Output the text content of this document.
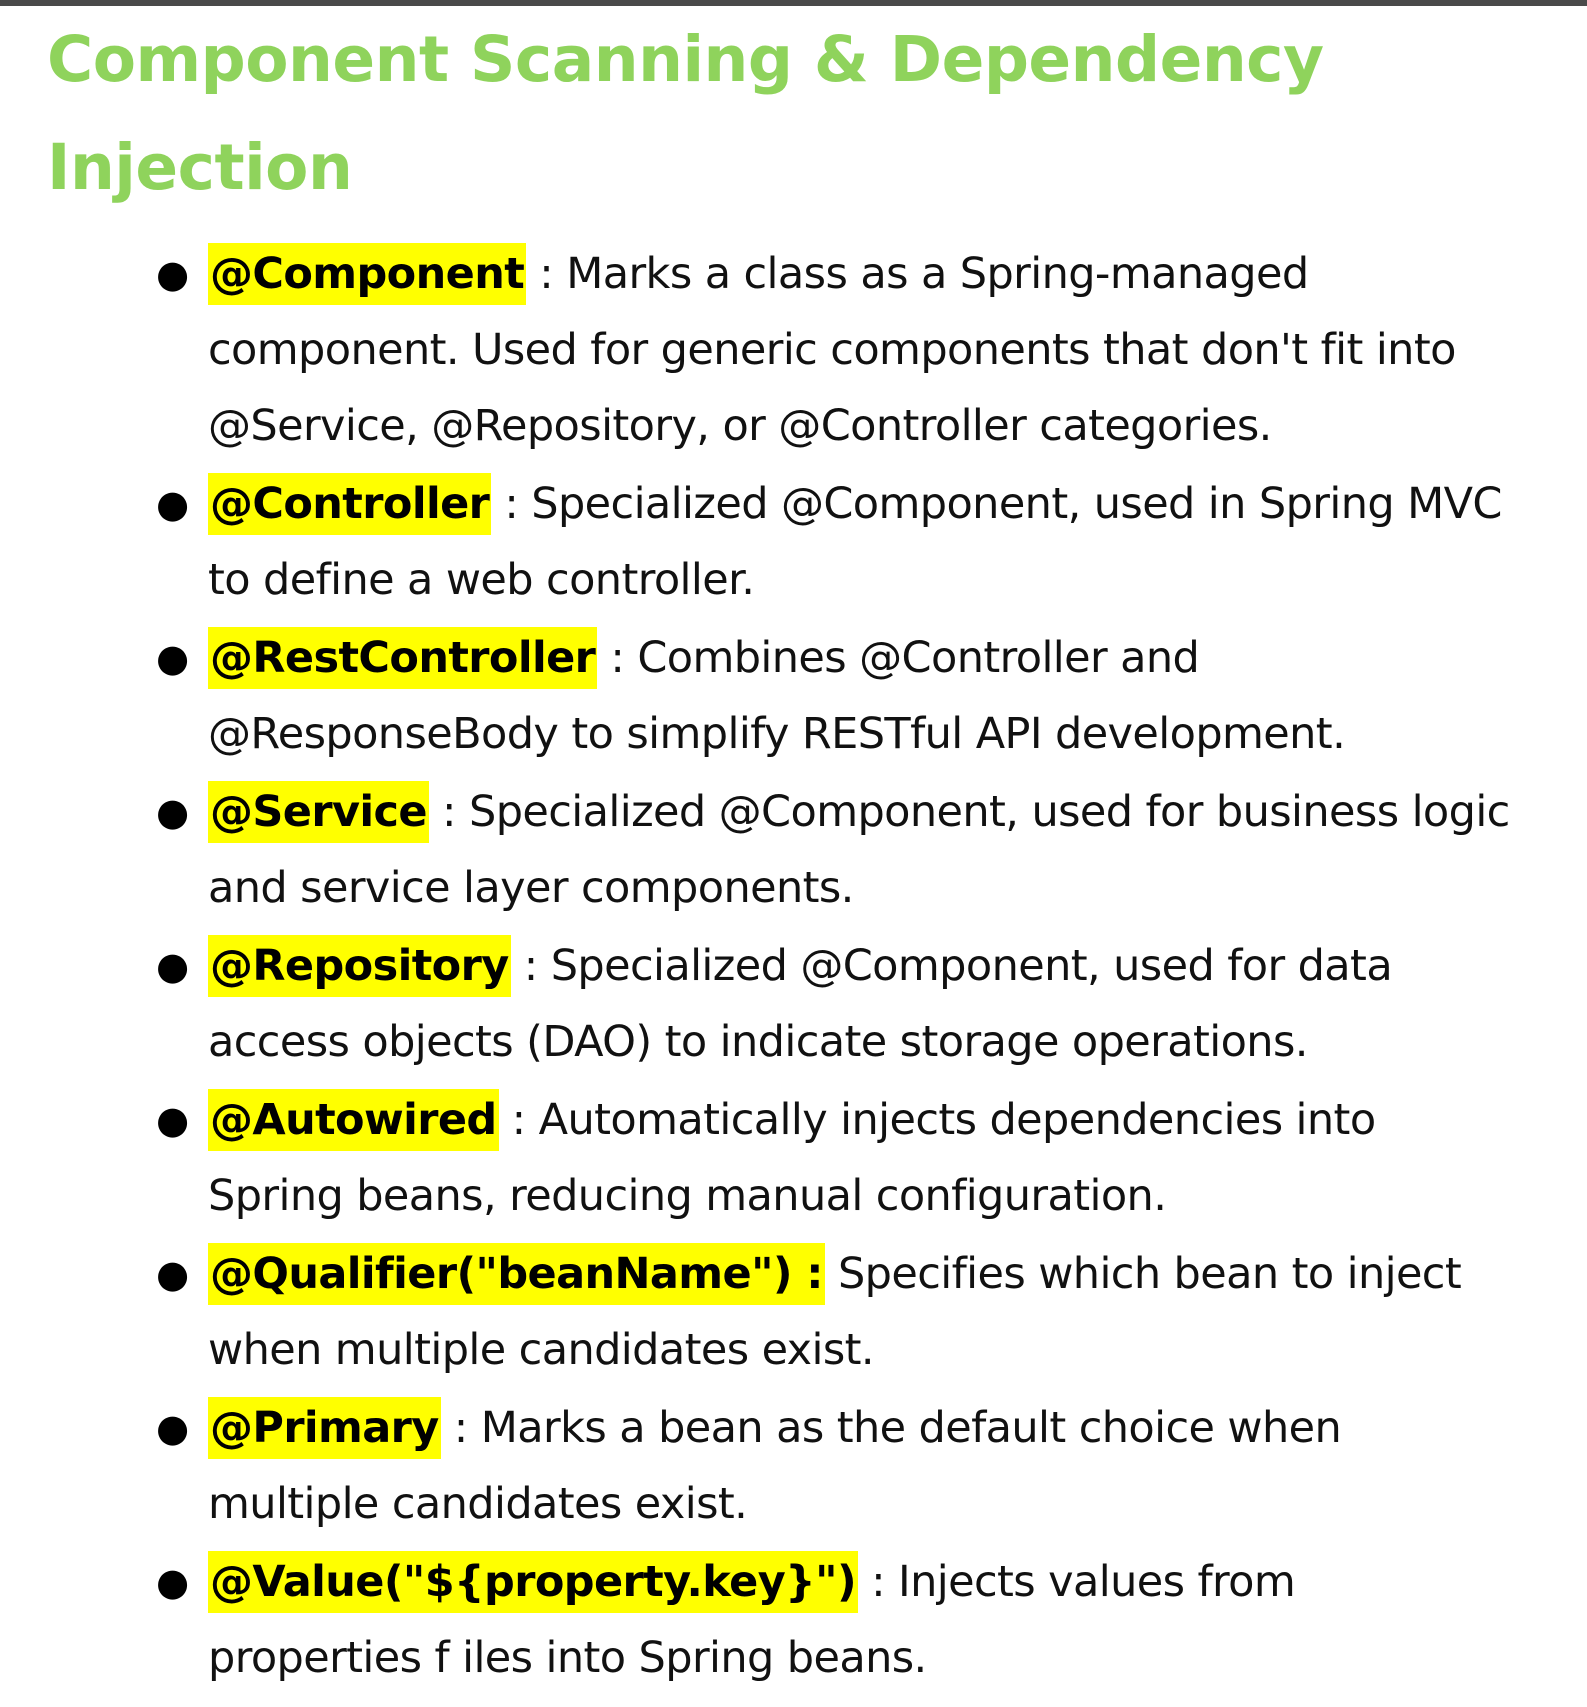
Component Scanning & Dependency Injection
● @Component : Marks a class as a Spring-managed component. Used for generic components that don't fit into @Service, @Repository, or @Controller categories.
● @Controller : Specialized @Component, used in Spring MVC to define a web controller.
● @RestController : Combines @Controller and @ResponseBody to simplify RESTful API development.
● @Service : Specialized @Component, used for business logic and service layer components.
● @Repository : Specialized @Component, used for data access objects (DAO) to indicate storage operations.
● @Autowired : Automatically injects dependencies into Spring beans, reducing manual configuration.
● @Qualifier("beanName") : Specifies which bean to inject when multiple candidates exist.
● @Primary : Marks a bean as the default choice when multiple candidates exist.
● @Value("${property.key}") : Injects values from properties f iles into Spring beans.
